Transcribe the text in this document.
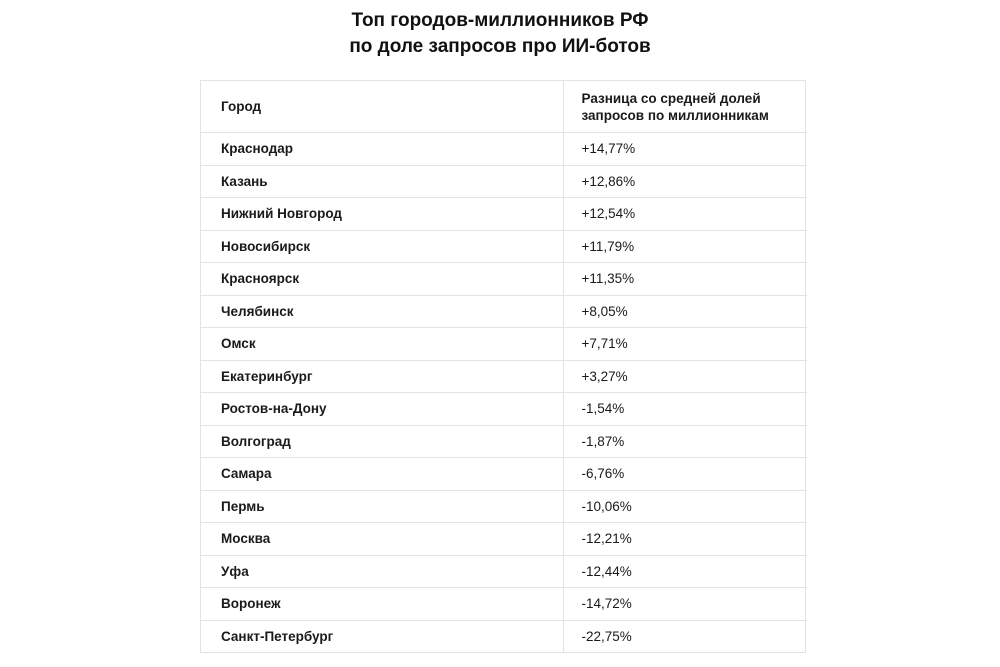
Топ городов-миллионников РФ
по доле запросов про ИИ-ботов
Город	Разница со средней долей запросов по миллионникам

Краснодар	+14,77%
Казань	+12,86%
Нижний Новгород	+12,54%
Новосибирск	+11,79%
Красноярск	+11,35%
Челябинск	+8,05%
Омск	+7,71%
Екатеринбург	+3,27%
Ростов-на-Дону	-1,54%
Волгоград	-1,87%
Самара	-6,76%
Пермь	-10,06%
Москва	-12,21%
Уфа	-12,44%
Воронеж	-14,72%
Санкт-Петербург	-22,75%
